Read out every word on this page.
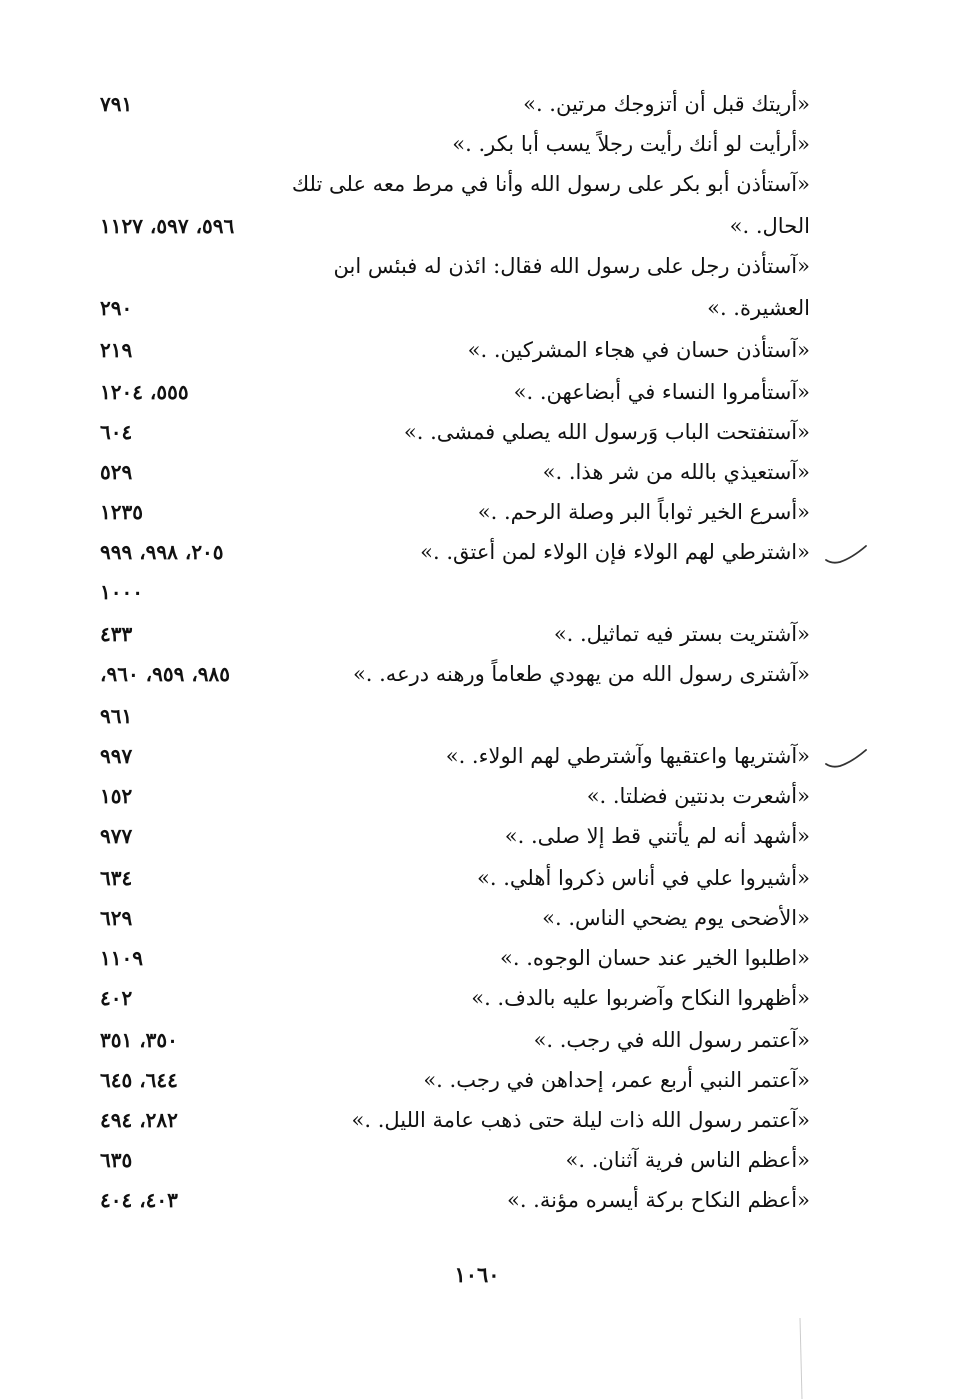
«أريتك قبل أن أتزوجك مرتين. .»
٧٩١
«أرأيت لو أنك رأيت رجلاً يسب أبا بكر. .»
«آستأذن أبو بكر على رسول الله وأنا في مرط معه على تلك
الحال. .»
٥٩٦، ٥٩٧، ١١٢٧
«آستأذن رجل على رسول الله فقال: ائذن له فبئس ابن
العشيرة. .»
٢٩٠
«آستأذن حسان في هجاء المشركين. .»
٢١٩
«آستأمروا النساء في أبضاعهن. .»
٥٥٥، ١٢٠٤
«آستفتحت الباب وَرسول الله يصلي فمشى. .»
٦٠٤
«آستعيذي بالله من شر هذا. .»
٥٢٩
«أسرع الخير ثواباً البر وصلة الرحم. .»
١٢٣٥
«اشترطي لهم الولاء فإن الولاء لمن أعتق. .»
٢٠٥، ٩٩٨، ٩٩٩
١٠٠٠
«آشتريت بستر فيه تماثيل. .»
٤٣٣
«آشترى رسول الله من يهودي طعاماً ورهنه درعه. .»
٩٨٥، ٩٥٩، ٩٦٠،
٩٦١
«آشتريها واعتقيها وآشترطي لهم الولاء. .»
٩٩٧
«أشعرت بدنتين فضلتا. .»
١٥٢
«أشهد أنه لم يأتني قط إلا صلى. .»
٩٧٧
«أشيروا علي في أناس ذكروا أهلي. .»
٦٣٤
«الأضحى يوم يضحي الناس. .»
٦٢٩
«اطلبوا الخير عند حسان الوجوه. .»
١١٠٩
«أظهروا النكاح وآضربوا عليه بالدف. .»
٤٠٢
«آعتمر رسول الله في رجب. .»
٣٥٠، ٣٥١
«آعتمر النبي أربع عمر، إحداهن في رجب. .»
٦٤٤، ٦٤٥
«آعتمر رسول الله ذات ليلة حتى ذهب عامة الليل. .»
٢٨٢، ٤٩٤
«أعظم الناس فرية آثنان. .»
٦٣٥
«أعظم النكاح بركة أيسره مؤنة. .»
٤٠٣، ٤٠٤
١٠٦٠
